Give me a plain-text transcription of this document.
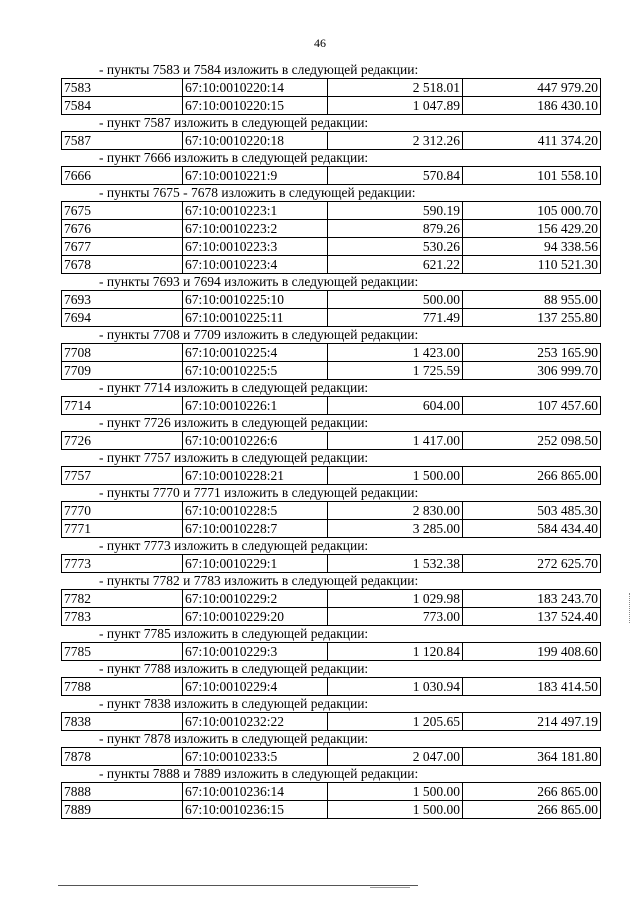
46
- пункты 7583 и 7584 изложить в следующей редакции:
7583	67:10:0010220:14	2 518.01	447 979.20
7584	67:10:0010220:15	1 047.89	186 430.10
- пункт 7587 изложить в следующей редакции:
7587	67:10:0010220:18	2 312.26	411 374.20
- пункт 7666 изложить в следующей редакции:
7666	67:10:0010221:9	570.84	101 558.10
- пункты 7675 - 7678 изложить в следующей редакции:
7675	67:10:0010223:1	590.19	105 000.70
7676	67:10:0010223:2	879.26	156 429.20
7677	67:10:0010223:3	530.26	94 338.56
7678	67:10:0010223:4	621.22	110 521.30
- пункты 7693 и 7694 изложить в следующей редакции:
7693	67:10:0010225:10	500.00	88 955.00
7694	67:10:0010225:11	771.49	137 255.80
- пункты 7708 и 7709 изложить в следующей редакции:
7708	67:10:0010225:4	1 423.00	253 165.90
7709	67:10:0010225:5	1 725.59	306 999.70
- пункт 7714 изложить в следующей редакции:
7714	67:10:0010226:1	604.00	107 457.60
- пункт 7726 изложить в следующей редакции:
7726	67:10:0010226:6	1 417.00	252 098.50
- пункт 7757 изложить в следующей редакции:
7757	67:10:0010228:21	1 500.00	266 865.00
- пункты 7770 и 7771 изложить в следующей редакции:
7770	67:10:0010228:5	2 830.00	503 485.30
7771	67:10:0010228:7	3 285.00	584 434.40
- пункт 7773 изложить в следующей редакции:
7773	67:10:0010229:1	1 532.38	272 625.70
- пункты 7782 и 7783 изложить в следующей редакции:
7782	67:10:0010229:2	1 029.98	183 243.70
7783	67:10:0010229:20	773.00	137 524.40
- пункт 7785 изложить в следующей редакции:
7785	67:10:0010229:3	1 120.84	199 408.60
- пункт 7788 изложить в следующей редакции:
7788	67:10:0010229:4	1 030.94	183 414.50
- пункт 7838 изложить в следующей редакции:
7838	67:10:0010232:22	1 205.65	214 497.19
- пункт 7878 изложить в следующей редакции:
7878	67:10:0010233:5	2 047.00	364 181.80
- пункты 7888 и 7889 изложить в следующей редакции:
7888	67:10:0010236:14	1 500.00	266 865.00
7889	67:10:0010236:15	1 500.00	266 865.00
